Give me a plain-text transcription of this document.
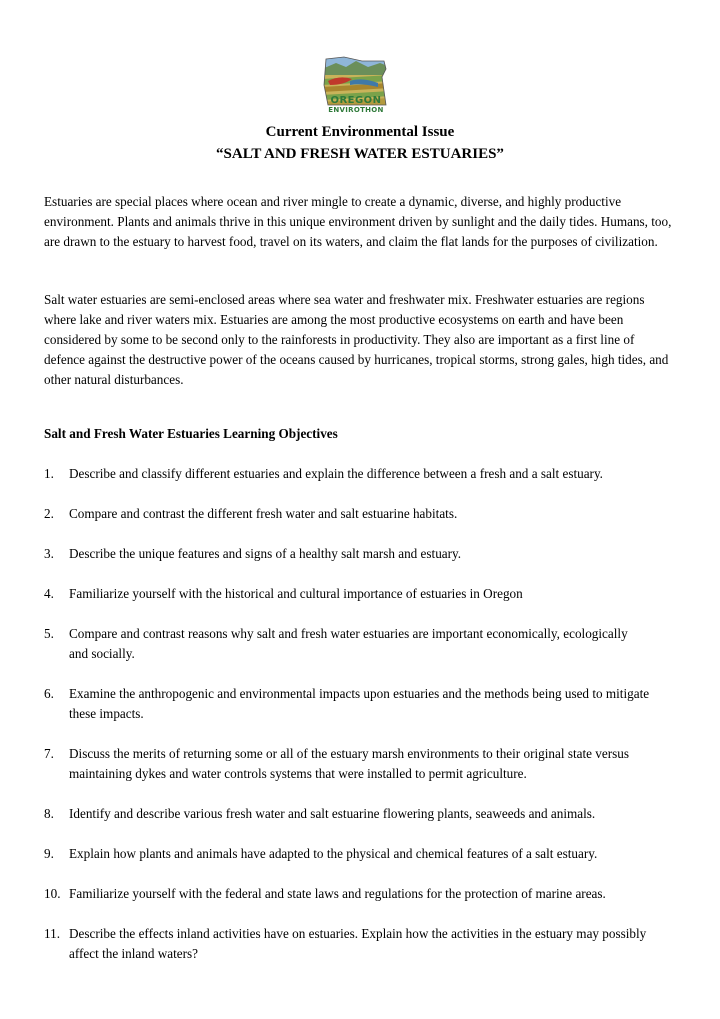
OREGON
ENVIROTHON
Current Environmental Issue
“SALT AND FRESH WATER ESTUARIES”

Estuaries are special places where ocean and river mingle to create a dynamic, diverse, and highly productive environment. Plants and animals thrive in this unique environment driven by sunlight and the daily tides. Humans, too, are drawn to the estuary to harvest food, travel on its waters, and claim the flat lands for the purposes of civilization.

Salt water estuaries are semi-enclosed areas where sea water and freshwater mix. Freshwater estuaries are regions where lake and river waters mix. Estuaries are among the most productive ecosystems on earth and have been considered by some to be second only to the rainforests in productivity. They also are important as a first line of defence against the destructive power of the oceans caused by hurricanes, tropical storms, strong gales, high tides, and other natural disturbances.

Salt and Fresh Water Estuaries Learning Objectives

1.	Describe and classify different estuaries and explain the difference between a fresh and a salt estuary.
2.	Compare and contrast the different fresh water and salt estuarine habitats.
3.	Describe the unique features and signs of a healthy salt marsh and estuary.
4.	Familiarize yourself with the historical and cultural importance of estuaries in Oregon
5.	Compare and contrast reasons why salt and fresh water estuaries are important economically, ecologically and socially.
6.	Examine the anthropogenic and environmental impacts upon estuaries and the methods being used to mitigate these impacts.
7.	Discuss the merits of returning some or all of the estuary marsh environments to their original state versus maintaining dykes and water controls systems that were installed to permit agriculture.
8.	Identify and describe various fresh water and salt estuarine flowering plants, seaweeds and animals.
9.	Explain how plants and animals have adapted to the physical and chemical features of a salt estuary.
10. Familiarize yourself with the federal and state laws and regulations for the protection of marine areas.
11. Describe the effects inland activities have on estuaries. Explain how the activities in the estuary may possibly affect the inland waters?
